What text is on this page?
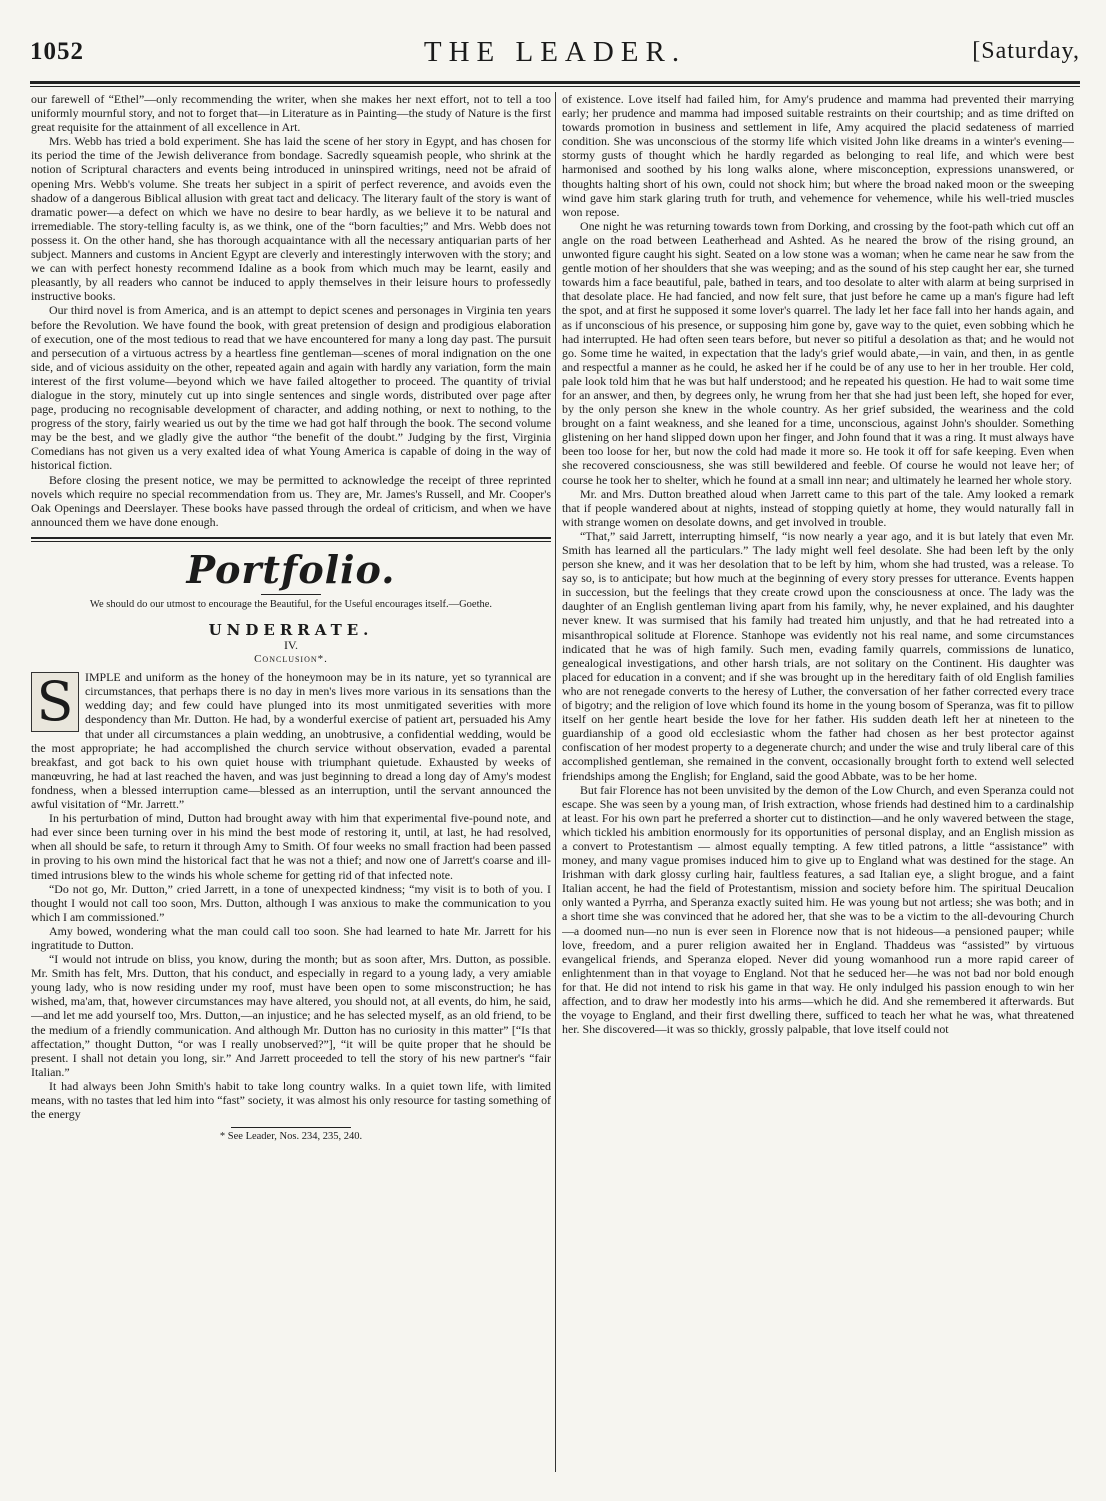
1052	THE LEADER.	[Saturday,

our farewell of “Ethel”—only recommending the writer, when she makes her next effort, not to tell a too uniformly mournful story, and not to forget that—in Literature as in Painting—the study of Nature is the first great requisite for the attainment of all excellence in Art.

Mrs. Webb has tried a bold experiment. She has laid the scene of her story in Egypt, and has chosen for its period the time of the Jewish deliverance from bondage. Sacredly squeamish people, who shrink at the notion of Scriptural characters and events being introduced in uninspired writings, need not be afraid of opening Mrs. Webb's volume. She treats her subject in a spirit of perfect reverence, and avoids even the shadow of a dangerous Biblical allusion with great tact and delicacy. The literary fault of the story is want of dramatic power—a defect on which we have no desire to bear hardly, as we believe it to be natural and irremediable. The story-telling faculty is, as we think, one of the “born faculties;” and Mrs. Webb does not possess it. On the other hand, she has thorough acquaintance with all the necessary antiquarian parts of her subject. Manners and customs in Ancient Egypt are cleverly and interestingly interwoven with the story; and we can with perfect honesty recommend Idaline as a book from which much may be learnt, easily and pleasantly, by all readers who cannot be induced to apply themselves in their leisure hours to professedly instructive books.

Our third novel is from America, and is an attempt to depict scenes and personages in Virginia ten years before the Revolution. We have found the book, with great pretension of design and prodigious elaboration of execution, one of the most tedious to read that we have encountered for many a long day past. The pursuit and persecution of a virtuous actress by a heartless fine gentleman—scenes of moral indignation on the one side, and of vicious assiduity on the other, repeated again and again with hardly any variation, form the main interest of the first volume—beyond which we have failed altogether to proceed. The quantity of trivial dialogue in the story, minutely cut up into single sentences and single words, distributed over page after page, producing no recognisable development of character, and adding nothing, or next to nothing, to the progress of the story, fairly wearied us out by the time we had got half through the book. The second volume may be the best, and we gladly give the author “the benefit of the doubt.” Judging by the first, Virginia Comedians has not given us a very exalted idea of what Young America is capable of doing in the way of historical fiction.

Before closing the present notice, we may be permitted to acknowledge the receipt of three reprinted novels which require no special recommendation from us. They are, Mr. James's Russell, and Mr. Cooper's Oak Openings and Deerslayer. These books have passed through the ordeal of criticism, and when we have announced them we have done enough.

Portfolio.
We should do our utmost to encourage the Beautiful, for the Useful encourages itself.—Goethe.
UNDERRATE.
IV.
Conclusion*.

S IMPLE and uniform as the honey of the honeymoon may be in its nature, yet so tyrannical are circumstances, that perhaps there is no day in men's lives more various in its sensations than the wedding day; and few could have plunged into its most unmitigated severities with more despondency than Mr. Dutton. He had, by a wonderful exercise of patient art, persuaded his Amy that under all circumstances a plain wedding, an unobtrusive, a confidential wedding, would be the most appropriate; he had accomplished the church service without observation, evaded a parental breakfast, and got back to his own quiet house with triumphant quietude. Exhausted by weeks of manœuvring, he had at last reached the haven, and was just beginning to dread a long day of Amy's modest fondness, when a blessed interruption came—blessed as an interruption, until the servant announced the awful visitation of “Mr. Jarrett.”

In his perturbation of mind, Dutton had brought away with him that experimental five-pound note, and had ever since been turning over in his mind the best mode of restoring it, until, at last, he had resolved, when all should be safe, to return it through Amy to Smith. Of four weeks no small fraction had been passed in proving to his own mind the historical fact that he was not a thief; and now one of Jarrett's coarse and ill-timed intrusions blew to the winds his whole scheme for getting rid of that infected note.

“Do not go, Mr. Dutton,” cried Jarrett, in a tone of unexpected kindness; “my visit is to both of you. I thought I would not call too soon, Mrs. Dutton, although I was anxious to make the communication to you which I am commissioned.”

Amy bowed, wondering what the man could call too soon. She had learned to hate Mr. Jarrett for his ingratitude to Dutton.

“I would not intrude on bliss, you know, during the month; but as soon after, Mrs. Dutton, as possible. Mr. Smith has felt, Mrs. Dutton, that his conduct, and especially in regard to a young lady, a very amiable young lady, who is now residing under my roof, must have been open to some misconstruction; he has wished, ma'am, that, however circumstances may have altered, you should not, at all events, do him, he said,—and let me add yourself too, Mrs. Dutton,—an injustice; and he has selected myself, as an old friend, to be the medium of a friendly communication. And although Mr. Dutton has no curiosity in this matter” [“Is that affectation,” thought Dutton, “or was I really unobserved?”], “it will be quite proper that he should be present. I shall not detain you long, sir.” And Jarrett proceeded to tell the story of his new partner's “fair Italian.”

It had always been John Smith's habit to take long country walks. In a quiet town life, with limited means, with no tastes that led him into “fast” society, it was almost his only resource for tasting something of the energy

* See Leader, Nos. 234, 235, 240.

of existence. Love itself had failed him, for Amy's prudence and mamma had prevented their marrying early; her prudence and mamma had imposed suitable restraints on their courtship; and as time drifted on towards promotion in business and settlement in life, Amy acquired the placid sedateness of married condition. She was unconscious of the stormy life which visited John like dreams in a winter's evening—stormy gusts of thought which he hardly regarded as belonging to real life, and which were best harmonised and soothed by his long walks alone, where misconception, expressions unanswered, or thoughts halting short of his own, could not shock him; but where the broad naked moon or the sweeping wind gave him stark glaring truth for truth, and vehemence for vehemence, while his well-tried muscles won repose.

One night he was returning towards town from Dorking, and crossing by the foot-path which cut off an angle on the road between Leatherhead and Ashted. As he neared the brow of the rising ground, an unwonted figure caught his sight. Seated on a low stone was a woman; when he came near he saw from the gentle motion of her shoulders that she was weeping; and as the sound of his step caught her ear, she turned towards him a face beautiful, pale, bathed in tears, and too desolate to alter with alarm at being surprised in that desolate place. He had fancied, and now felt sure, that just before he came up a man's figure had left the spot, and at first he supposed it some lover's quarrel. The lady let her face fall into her hands again, and as if unconscious of his presence, or supposing him gone by, gave way to the quiet, even sobbing which he had interrupted. He had often seen tears before, but never so pitiful a desolation as that; and he would not go. Some time he waited, in expectation that the lady's grief would abate,—in vain, and then, in as gentle and respectful a manner as he could, he asked her if he could be of any use to her in her trouble. Her cold, pale look told him that he was but half understood; and he repeated his question. He had to wait some time for an answer, and then, by degrees only, he wrung from her that she had just been left, she hoped for ever, by the only person she knew in the whole country. As her grief subsided, the weariness and the cold brought on a faint weakness, and she leaned for a time, unconscious, against John's shoulder. Something glistening on her hand slipped down upon her finger, and John found that it was a ring. It must always have been too loose for her, but now the cold had made it more so. He took it off for safe keeping. Even when she recovered consciousness, she was still bewildered and feeble. Of course he would not leave her; of course he took her to shelter, which he found at a small inn near; and ultimately he learned her whole story.

Mr. and Mrs. Dutton breathed aloud when Jarrett came to this part of the tale. Amy looked a remark that if people wandered about at nights, instead of stopping quietly at home, they would naturally fall in with strange women on desolate downs, and get involved in trouble.

“That,” said Jarrett, interrupting himself, “is now nearly a year ago, and it is but lately that even Mr. Smith has learned all the particulars.” The lady might well feel desolate. She had been left by the only person she knew, and it was her desolation that to be left by him, whom she had trusted, was a release. To say so, is to anticipate; but how much at the beginning of every story presses for utterance. Events happen in succession, but the feelings that they create crowd upon the consciousness at once. The lady was the daughter of an English gentleman living apart from his family, why, he never explained, and his daughter never knew. It was surmised that his family had treated him unjustly, and that he had retreated into a misanthropical solitude at Florence. Stanhope was evidently not his real name, and some circumstances indicated that he was of high family. Such men, evading family quarrels, commissions de lunatico, genealogical investigations, and other harsh trials, are not solitary on the Continent. His daughter was placed for education in a convent; and if she was brought up in the hereditary faith of old English families who are not renegade converts to the heresy of Luther, the conversation of her father corrected every trace of bigotry; and the religion of love which found its home in the young bosom of Speranza, was fit to pillow itself on her gentle heart beside the love for her father. His sudden death left her at nineteen to the guardianship of a good old ecclesiastic whom the father had chosen as her best protector against confiscation of her modest property to a degenerate church; and under the wise and truly liberal care of this accomplished gentleman, she remained in the convent, occasionally brought forth to extend well selected friendships among the English; for England, said the good Abbate, was to be her home.

But fair Florence has not been unvisited by the demon of the Low Church, and even Speranza could not escape. She was seen by a young man, of Irish extraction, whose friends had destined him to a cardinalship at least. For his own part he preferred a shorter cut to distinction—and he only wavered between the stage, which tickled his ambition enormously for its opportunities of personal display, and an English mission as a convert to Protestantism — almost equally tempting. A few titled patrons, a little “assistance” with money, and many vague promises induced him to give up to England what was destined for the stage. An Irishman with dark glossy curling hair, faultless features, a sad Italian eye, a slight brogue, and a faint Italian accent, he had the field of Protestantism, mission and society before him. The spiritual Deucalion only wanted a Pyrrha, and Speranza exactly suited him. He was young but not artless; she was both; and in a short time she was convinced that he adored her, that she was to be a victim to the all-devouring Church—a doomed nun—no nun is ever seen in Florence now that is not hideous—a pensioned pauper; while love, freedom, and a purer religion awaited her in England. Thaddeus was “assisted” by virtuous evangelical friends, and Speranza eloped. Never did young womanhood run a more rapid career of enlightenment than in that voyage to England. Not that he seduced her—he was not bad nor bold enough for that. He did not intend to risk his game in that way. He only indulged his passion enough to win her affection, and to draw her modestly into his arms—which he did. And she remembered it afterwards. But the voyage to England, and their first dwelling there, sufficed to teach her what he was, what threatened her. She discovered—it was so thickly, grossly palpable, that love itself could not
